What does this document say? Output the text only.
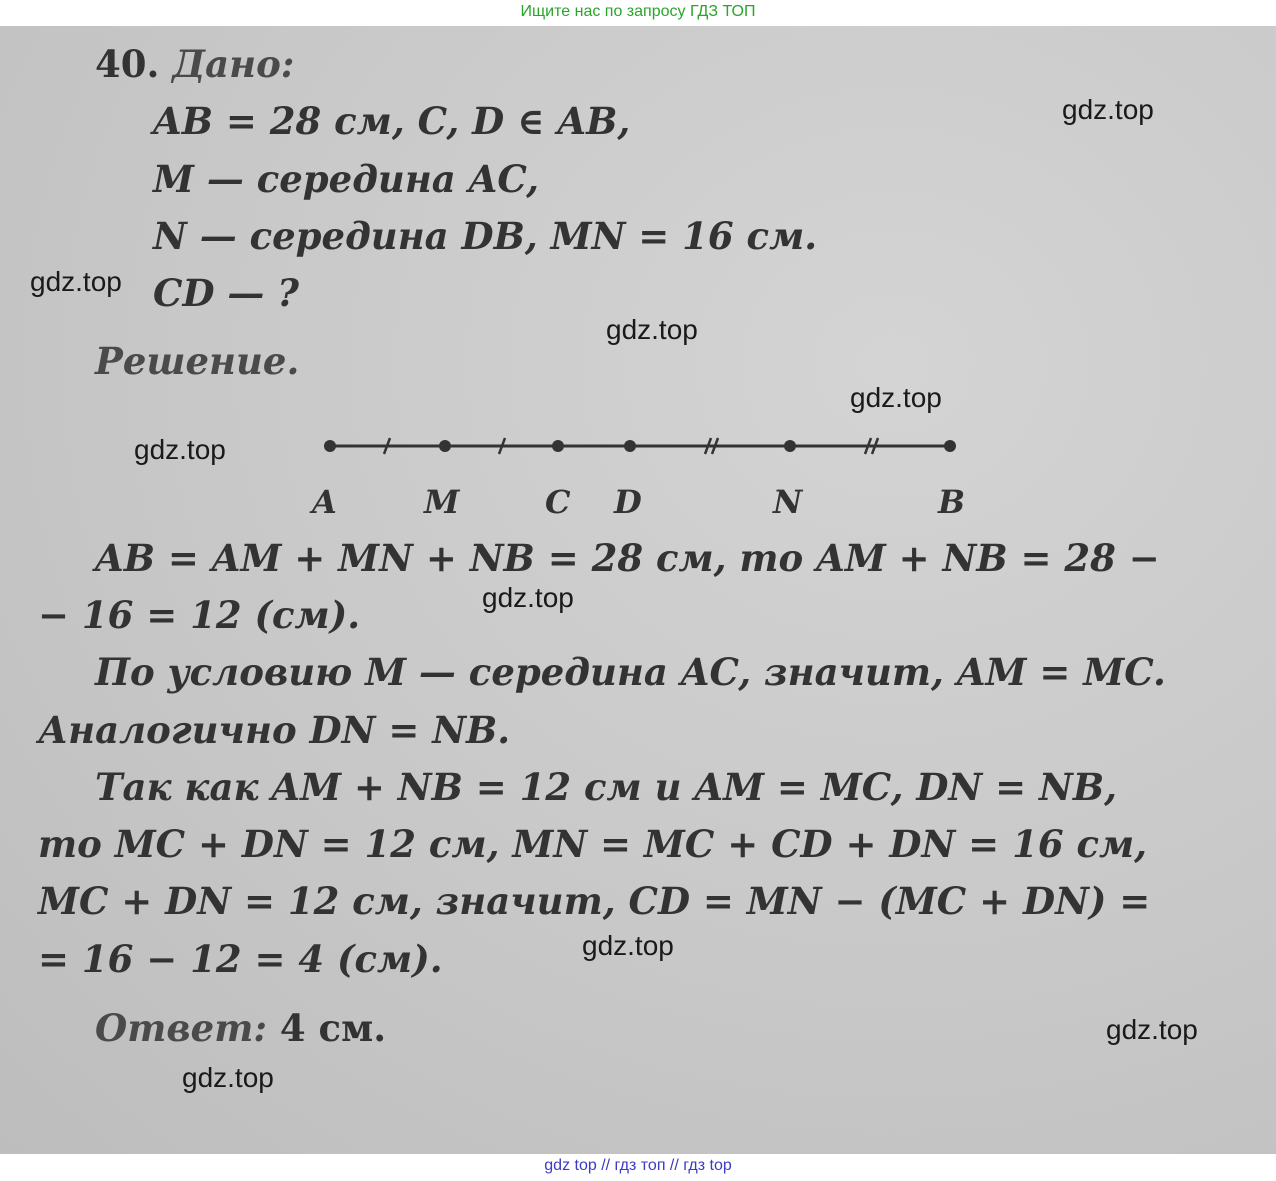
Ищите нас по запросу ГДЗ ТОП
40. Дано:
AB = 28 см, C, D ∈ AB,
M — середина AC,
N — середина DB, MN = 16 см.
CD — ?
Решение.
A	M	C D	N	B
AB = AM + MN + NB = 28 см, то AM + NB = 28 −
− 16 = 12 (см).
По условию M — середина AC, значит, AM = MC.
Аналогично DN = NB.
Так как AM + NB = 12 см и AM = MC, DN = NB,
то MC + DN = 12 см, MN = MC + CD + DN = 16 см,
MC + DN = 12 см, значит, CD = MN − (MC + DN) =
= 16 − 12 = 4 (см).
Ответ: 4 см.
gdz.top
gdz.top
gdz.top
gdz.top
gdz.top
gdz.top
gdz.top
gdz.top
gdz.top
gdz top // гдз топ // гдз top
